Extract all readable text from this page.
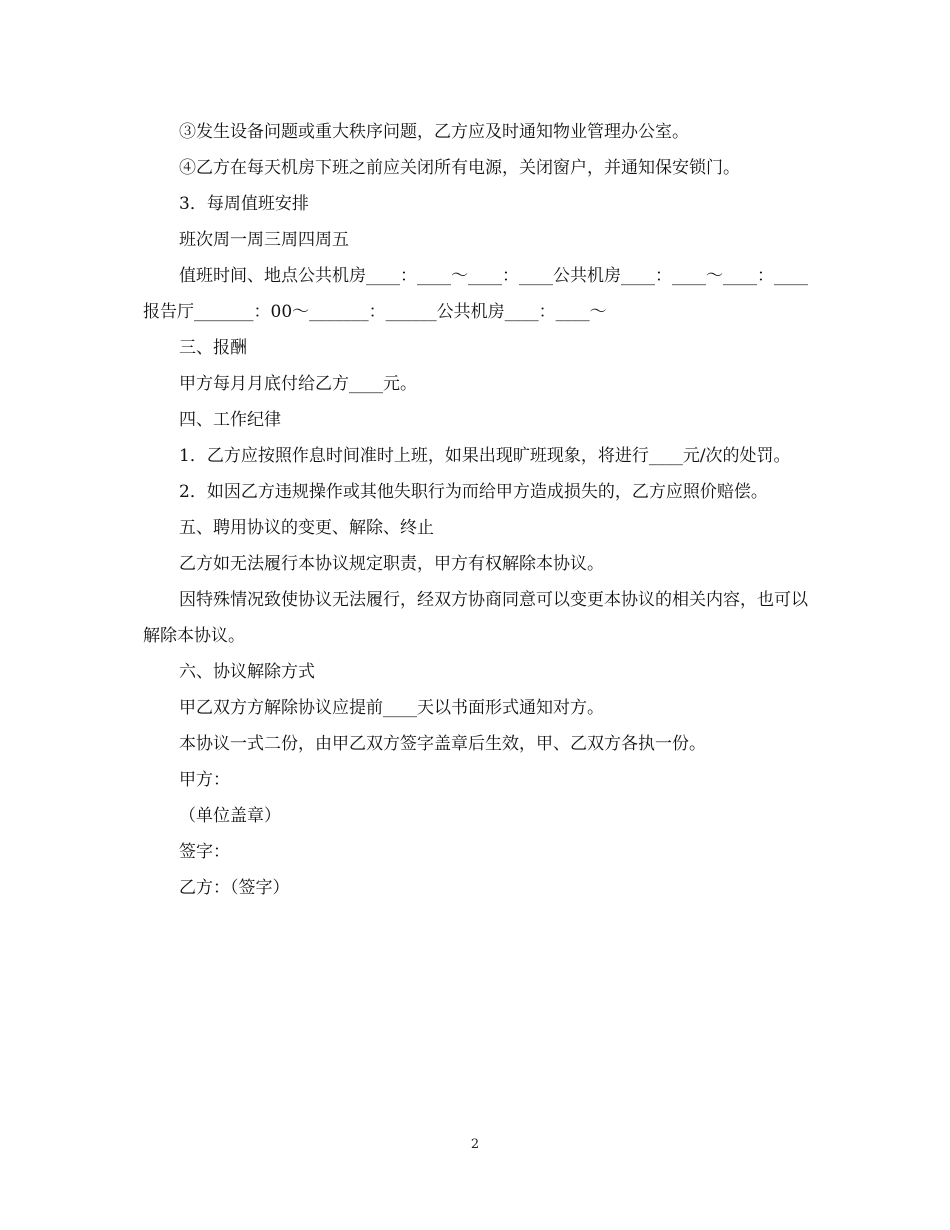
③发生设备问题或重大秩序问题，乙方应及时通知物业管理办公室。

④乙方在每天机房下班之前应关闭所有电源，关闭窗户，并通知保安锁门。

3．每周值班安排

班次周一周三周四周五

值班时间、地点公共机房____：____～____：____公共机房____：____～____：____报告厅_______：00～_______：______公共机房____：____～

三、报酬

甲方每月月底付给乙方____元。

四、工作纪律

1．乙方应按照作息时间准时上班，如果出现旷班现象，将进行____元/次的处罚。

2．如因乙方违规操作或其他失职行为而给甲方造成损失的，乙方应照价赔偿。

五、聘用协议的变更、解除、终止

乙方如无法履行本协议规定职责，甲方有权解除本协议。

因特殊情况致使协议无法履行，经双方协商同意可以变更本协议的相关内容，也可以解除本协议。

六、协议解除方式

甲乙双方方解除协议应提前____天以书面形式通知对方。

本协议一式二份，由甲乙双方签字盖章后生效，甲、乙双方各执一份。

甲方：

（单位盖章）

签字：

乙方：（签字）

2
